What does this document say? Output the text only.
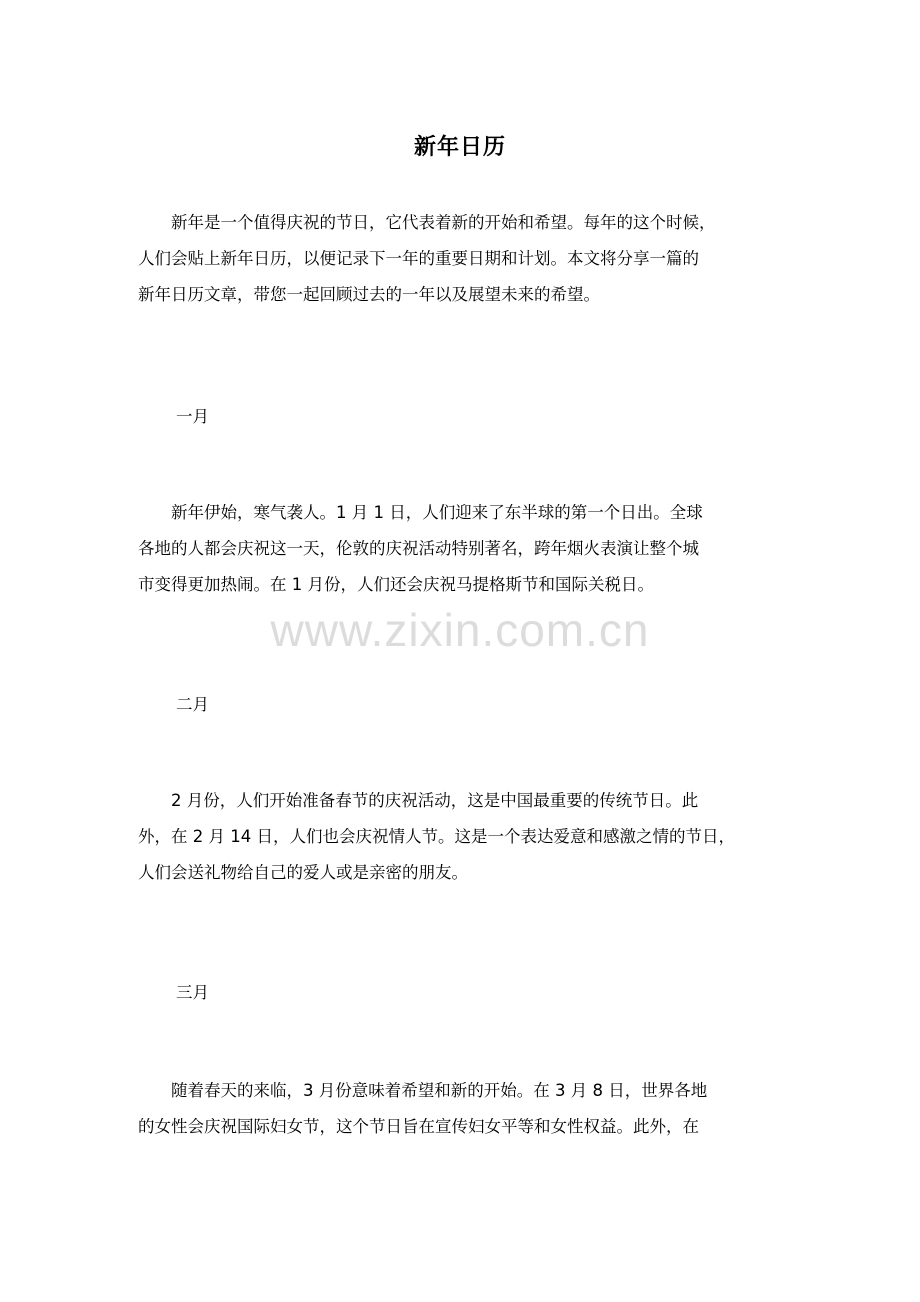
新年日历

　　新年是一个值得庆祝的节日，它代表着新的开始和希望。每年的这个时候，
人们会贴上新年日历，以便记录下一年的重要日期和计划。本文将分享一篇的
新年日历文章，带您一起回顾过去的一年以及展望未来的希望。

一月

　　新年伊始，寒气袭人。1 月 1 日，人们迎来了东半球的第一个日出。全球
各地的人都会庆祝这一天，伦敦的庆祝活动特别著名，跨年烟火表演让整个城
市变得更加热闹。在 1 月份，人们还会庆祝马提格斯节和国际关税日。

二月

　　2 月份，人们开始准备春节的庆祝活动，这是中国最重要的传统节日。此
外，在 2 月 14 日，人们也会庆祝情人节。这是一个表达爱意和感激之情的节日，
人们会送礼物给自己的爱人或是亲密的朋友。

三月

　　随着春天的来临，3 月份意味着希望和新的开始。在 3 月 8 日，世界各地
的女性会庆祝国际妇女节，这个节日旨在宣传妇女平等和女性权益。此外，在

www.zixin.com.cn
